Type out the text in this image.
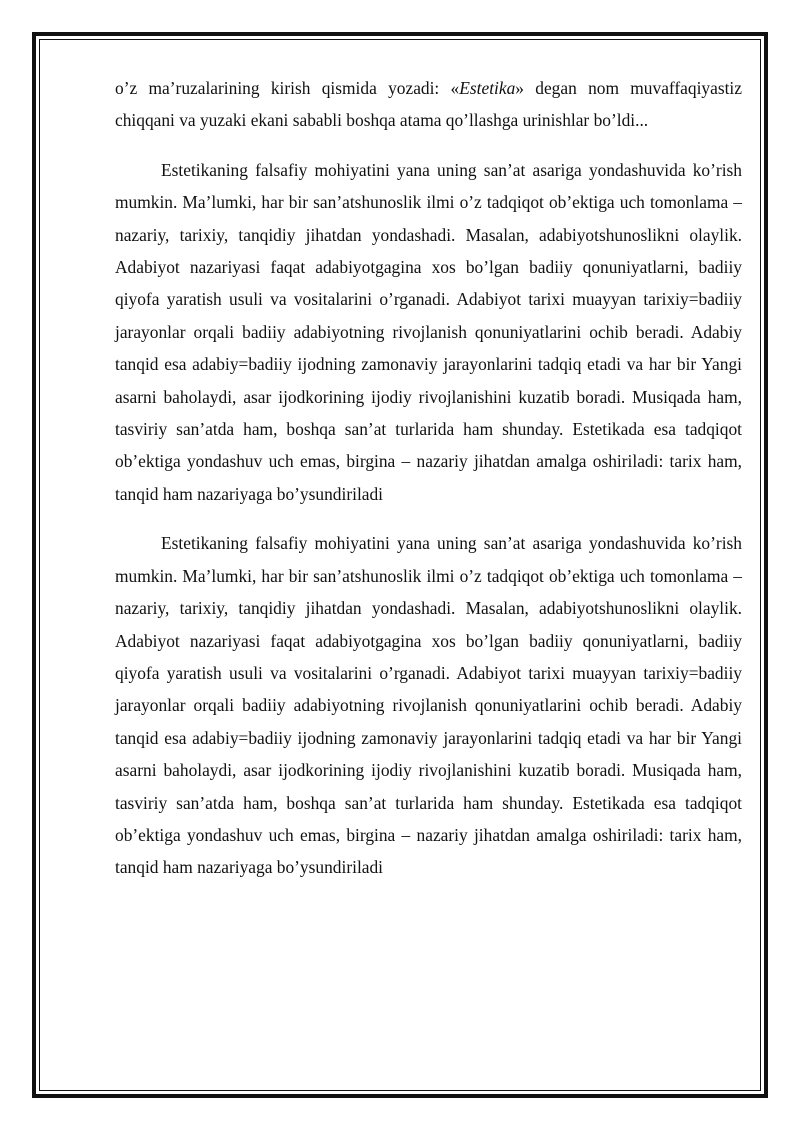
o’z ma’ruzalarining kirish qismida yozadi: «Estetika» degan nom muvaffaqiyastiz chiqqani va yuzaki ekani sababli boshqa atama qo’llashga urinishlar bo’ldi...

Estetikaning falsafiy mohiyatini yana uning san’at asariga yondashuvida ko’rish mumkin. Ma’lumki, har bir san’atshunoslik ilmi o’z tadqiqot ob’ektiga uch tomonlama – nazariy, tarixiy, tanqidiy jihatdan yondashadi. Masalan, adabiyotshunoslikni olaylik. Adabiyot nazariyasi faqat adabiyotgagina xos bo’lgan badiiy qonuniyatlarni, badiiy qiyofa yaratish usuli va vositalarini o’rganadi. Adabiyot tarixi muayyan tarixiy=badiiy jarayonlar orqali badiiy adabiyotning rivojlanish qonuniyatlarini ochib beradi. Adabiy tanqid esa adabiy=badiiy ijodning zamonaviy jarayonlarini tadqiq etadi va har bir Yangi asarni baholaydi, asar ijodkorining ijodiy rivojlanishini kuzatib boradi. Musiqada ham, tasviriy san’atda ham, boshqa san’at turlarida ham shunday. Estetikada esa tadqiqot ob’ektiga yondashuv uch emas, birgina – nazariy jihatdan amalga oshiriladi: tarix ham, tanqid ham nazariyaga bo’ysundiriladi

Estetikaning falsafiy mohiyatini yana uning san’at asariga yondashuvida ko’rish mumkin. Ma’lumki, har bir san’atshunoslik ilmi o’z tadqiqot ob’ektiga uch tomonlama – nazariy, tarixiy, tanqidiy jihatdan yondashadi. Masalan, adabiyotshunoslikni olaylik. Adabiyot nazariyasi faqat adabiyotgagina xos bo’lgan badiiy qonuniyatlarni, badiiy qiyofa yaratish usuli va vositalarini o’rganadi. Adabiyot tarixi muayyan tarixiy=badiiy jarayonlar orqali badiiy adabiyotning rivojlanish qonuniyatlarini ochib beradi. Adabiy tanqid esa adabiy=badiiy ijodning zamonaviy jarayonlarini tadqiq etadi va har bir Yangi asarni baholaydi, asar ijodkorining ijodiy rivojlanishini kuzatib boradi. Musiqada ham, tasviriy san’atda ham, boshqa san’at turlarida ham shunday. Estetikada esa tadqiqot ob’ektiga yondashuv uch emas, birgina – nazariy jihatdan amalga oshiriladi: tarix ham, tanqid ham nazariyaga bo’ysundiriladi
